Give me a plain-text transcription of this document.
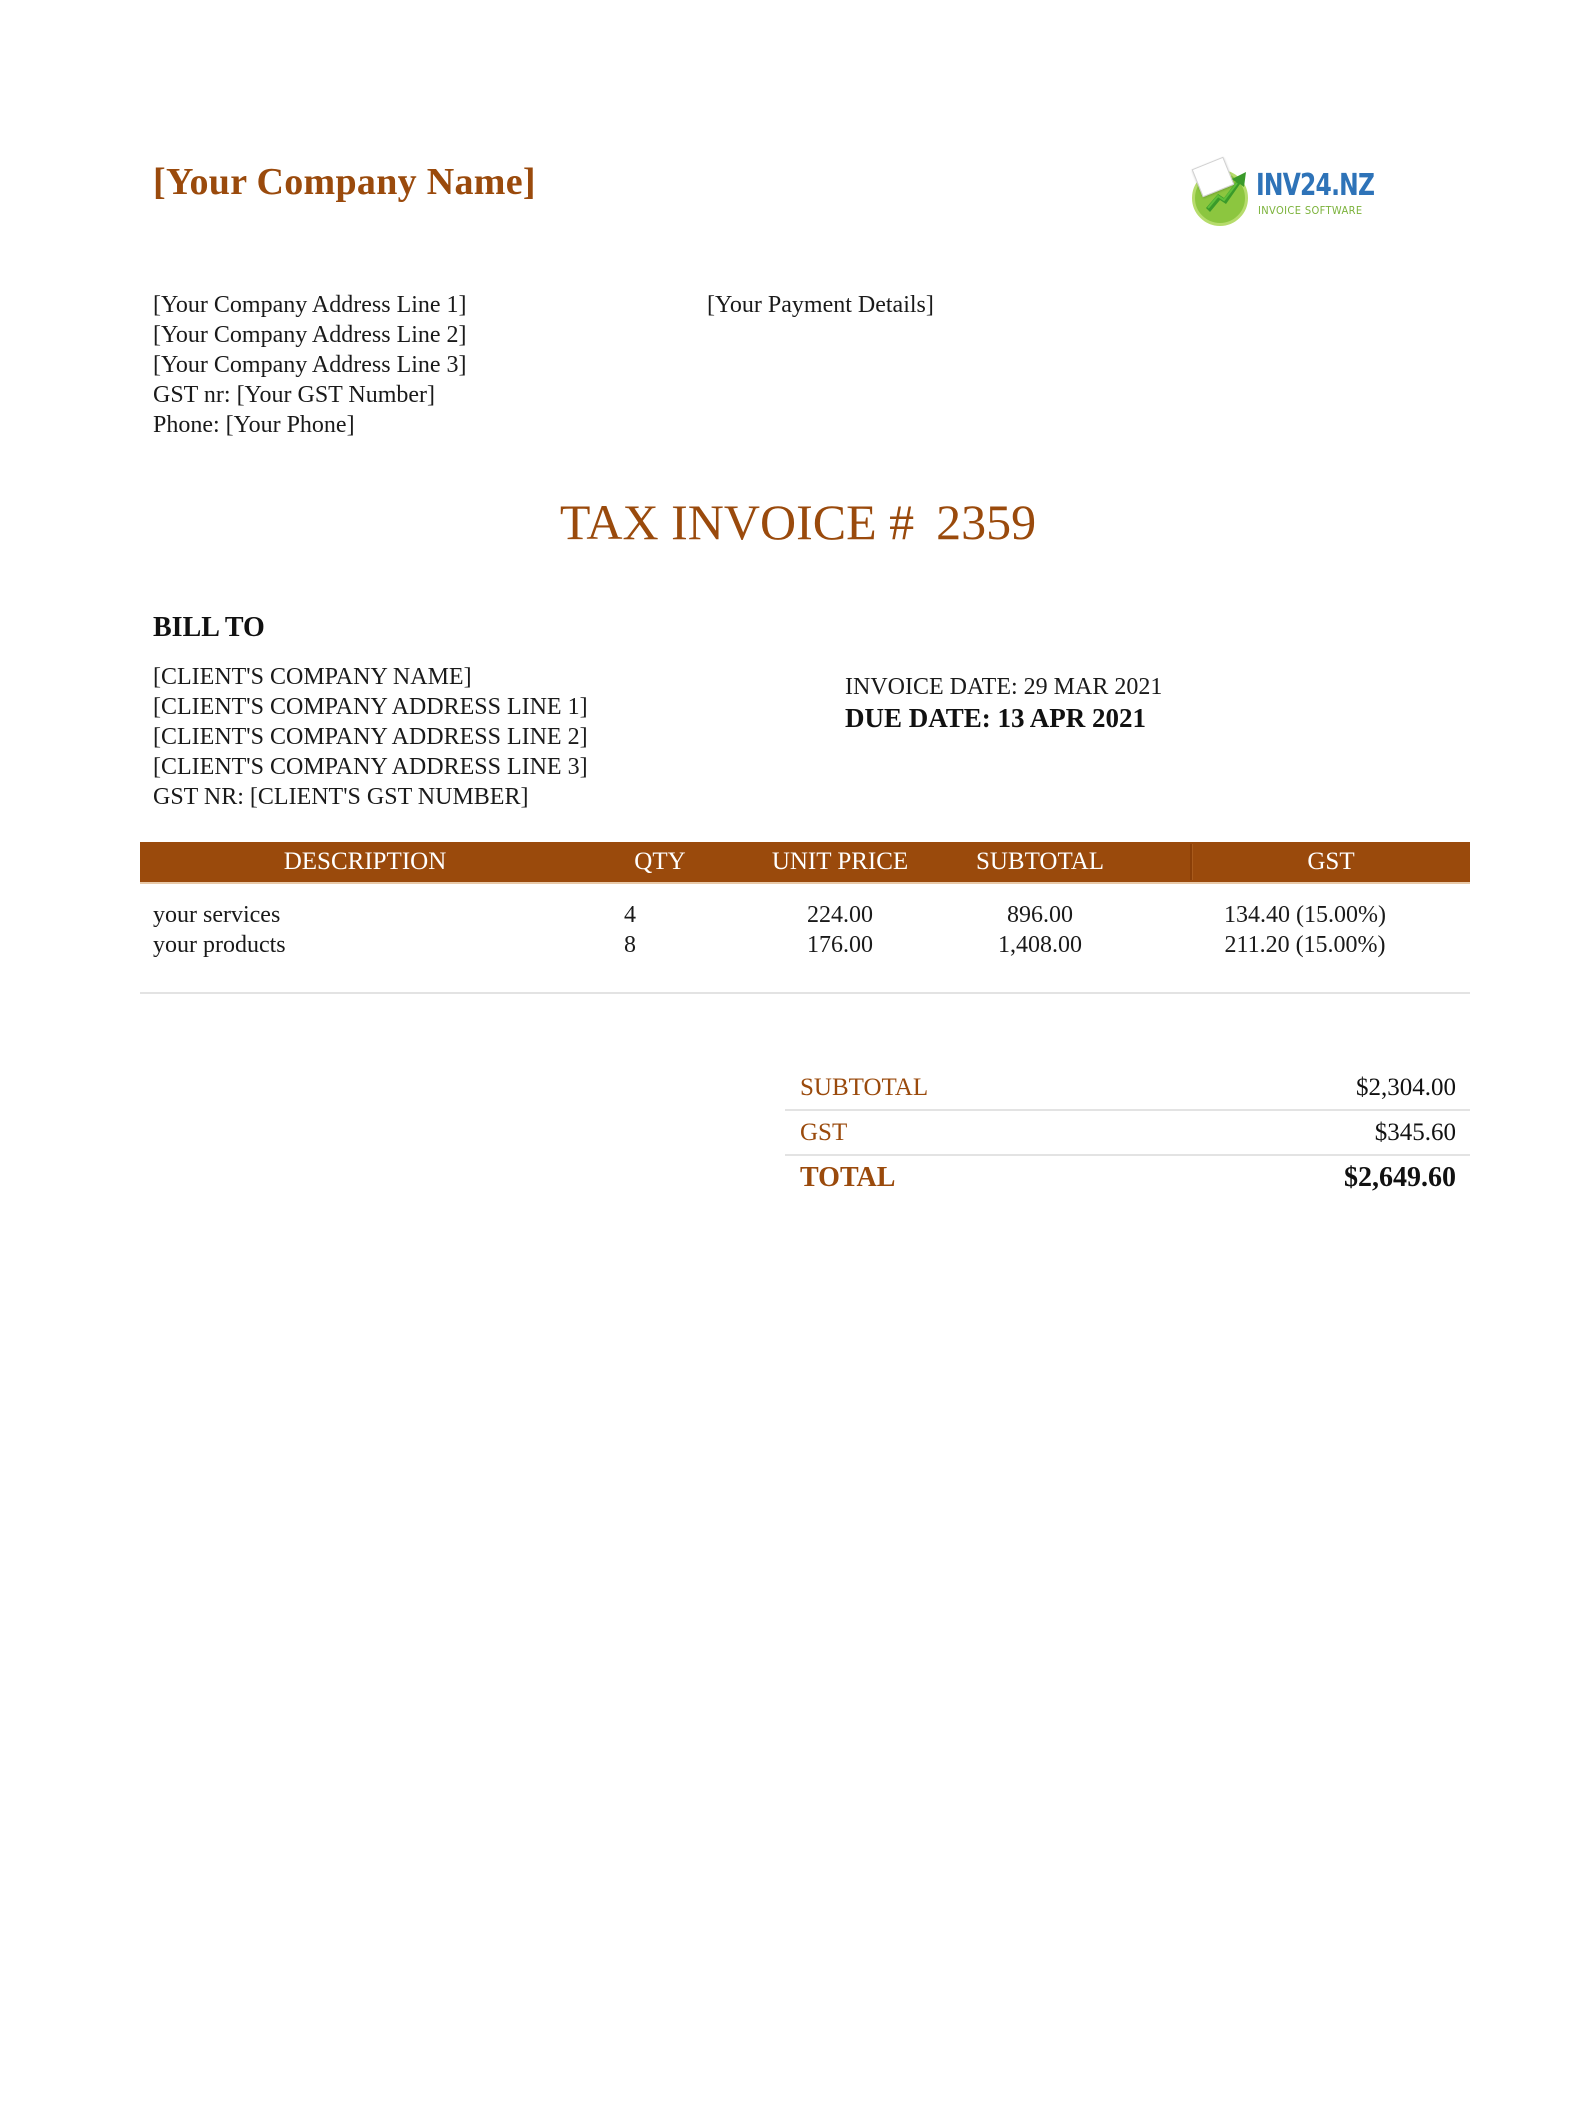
[Your Company Name]	INV24.NZ
INVOICE SOFTWARE
[Your Company Address Line 1]
[Your Company Address Line 2]
[Your Company Address Line 3]
GST nr: [Your GST Number]
Phone: [Your Phone]
[Your Payment Details]
TAX INVOICE # 2359
BILL TO
[CLIENT'S COMPANY NAME]
[CLIENT'S COMPANY ADDRESS LINE 1]
[CLIENT'S COMPANY ADDRESS LINE 2]
[CLIENT'S COMPANY ADDRESS LINE 3]
GST NR: [CLIENT'S GST NUMBER]
INVOICE DATE: 29 MAR 2021
DUE DATE: 13 APR 2021
DESCRIPTION	QTY	UNIT PRICE	SUBTOTAL	GST
your services	4	224.00	896.00	134.40 (15.00%)
your products	8	176.00	1,408.00	211.20 (15.00%)
SUBTOTAL	$2,304.00
GST	$345.60
TOTAL	$2,649.60
